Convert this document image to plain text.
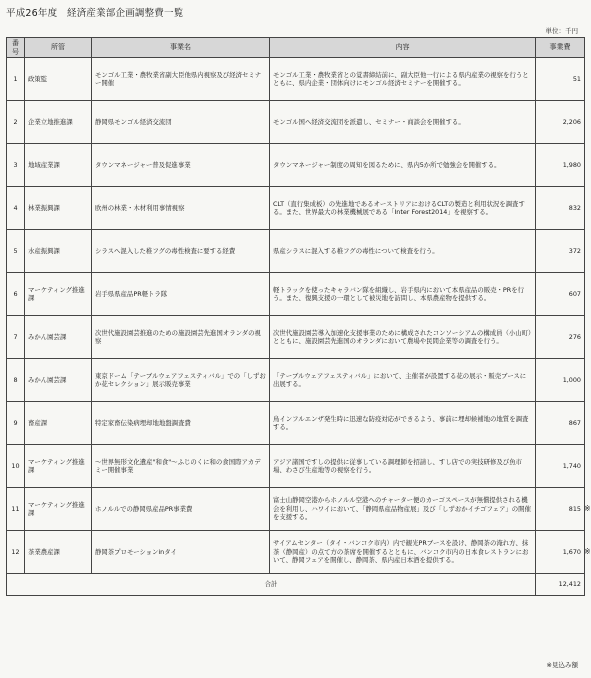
平成26年度　経済産業部企画調整費一覧
単位：千円
番号	所管	事業名	内容	事業費
1	政策監	モンゴル工業・農牧業省副大臣他県内視察及び経済セミナー開催	モンゴル工業・農牧業省との覚書締結前に、副大臣他一行による県内産業の視察を行うとともに、県内企業・団体向けにモンゴル経済セミナーを開催する。	51
2	企業立地推進課	静岡県モンゴル経済交流団	モンゴル国へ経済交流団を派遣し、セミナー・商談会を開催する。	2,206
3	地域産業課	タウンマネージャー普及促進事業	タウンマネージャー制度の周知を図るために、県内5か所で勉強会を開催する。	1,980
4	林業振興課	欧州の林業・木材利用事情視察	CLT（直行集成板）の先進地であるオーストリアにおけるCLTの製造と利用状況を調査する。また、世界最大の林業機械展である「Inter Forest2014」を視察する。	832
5	水産振興課	シラスへ混入した稚フグの毒性検査に要する経費	県産シラスに混入する稚フグの毒性について検査を行う。	372
6	マーケティング推進課	岩手県県産品PR軽トラ隊	軽トラックを使ったキャラバン隊を組織し、岩手県内において本県産品の販売・PRを行う。また、復興支援の一環として被災地を訪問し、本県農産物を提供する。	607
7	みかん園芸課	次世代施設園芸推進のための施設園芸先進国オランダの視察	次世代施設園芸導入加速化支援事業のために構成されたコンソーシアムの構成員（小山町）とともに、施設園芸先進国のオランダにおいて農場や民間企業等の調査を行う。	276
8	みかん園芸課	東京ドーム「テーブルウェアフェスティバル」での「しずおか花セレクション」展示販売事業	「テーブルウェアフェスティバル」において、主催者が設置する花の展示・販売ブースに出展する。	1,000
9	畜産課	特定家畜伝染病埋却地地盤調査費	鳥インフルエンザ発生時に迅速な防疫対応ができるよう、事前に埋却候補地の地質を調査する。	867
10	マーケティング推進課	～世界無形文化遺産"和食"～ふじのくに和の食国際アカデミー開催事業	アジア諸国ですしの提供に従事している調理師を招請し、すし店での実技研修及び魚市場、わさび生産地等の視察を行う。	1,740
11	マーケティング推進課	ホノルルでの静岡県産品PR事業費	富士山静岡空港からホノルル空港へのチャーター便のカーゴスペースが無償提供される機会を利用し、ハワイにおいて、「静岡県産品物産展」及び「しずおかイチゴフェア」の開催を支援する。	815
12	茶業農産課	静岡茶プロモーションinタイ	サイアムセンター（タイ・バンコク市内）内で観光PRブースを設け、静岡茶の淹れ方、抹茶（静岡産）の点て方の茶席を開催するとともに、バンコク市内の日本食レストランにおいて、静岡フェアを開催し、静岡茶、県内産日本酒を提供する。	1,670
合計				12,412
※見込み額
※
※
